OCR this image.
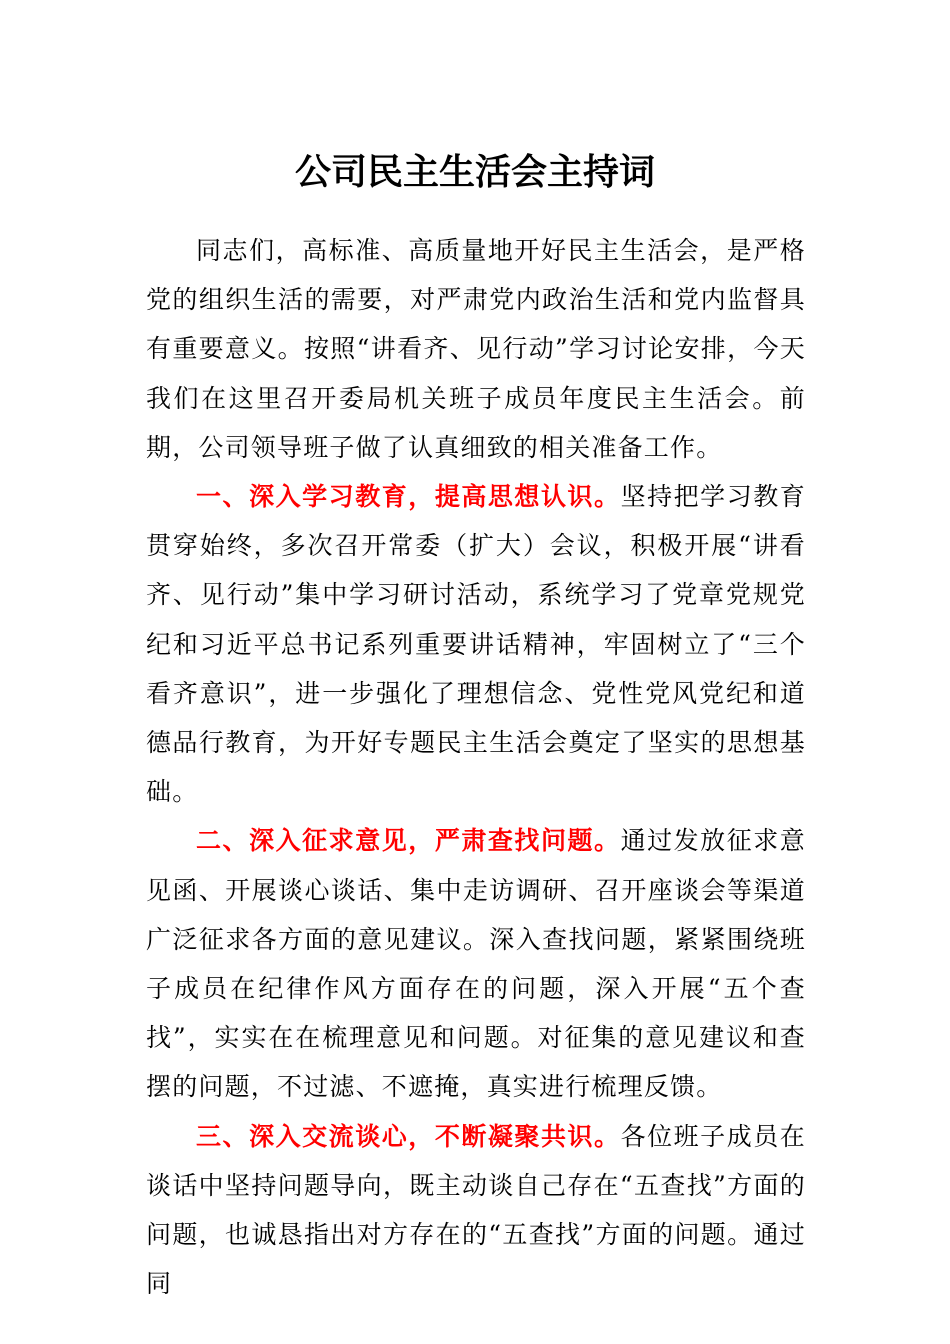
公司民主生活会主持词

同志们，高标准、高质量地开好民主生活会，是严格党的组织生活的需要，对严肃党内政治生活和党内监督具有重要意义。按照“讲看齐、见行动”学习讨论安排，今天我们在这里召开委局机关班子成员年度民主生活会。前期，公司领导班子做了认真细致的相关准备工作。

一、深入学习教育，提高思想认识。坚持把学习教育贯穿始终，多次召开常委（扩大）会议，积极开展“讲看齐、见行动”集中学习研讨活动，系统学习了党章党规党纪和习近平总书记系列重要讲话精神，牢固树立了“三个看齐意识”，进一步强化了理想信念、党性党风党纪和道德品行教育，为开好专题民主生活会奠定了坚实的思想基础。

二、深入征求意见，严肃查找问题。通过发放征求意见函、开展谈心谈话、集中走访调研、召开座谈会等渠道广泛征求各方面的意见建议。深入查找问题，紧紧围绕班子成员在纪律作风方面存在的问题，深入开展“五个查找”，实实在在梳理意见和问题。对征集的意见建议和查摆的问题，不过滤、不遮掩，真实进行梳理反馈。

三、深入交流谈心，不断凝聚共识。各位班子成员在谈话中坚持问题导向，既主动谈自己存在“五查找”方面的问题，也诚恳指出对方存在的“五查找”方面的问题。通过同
